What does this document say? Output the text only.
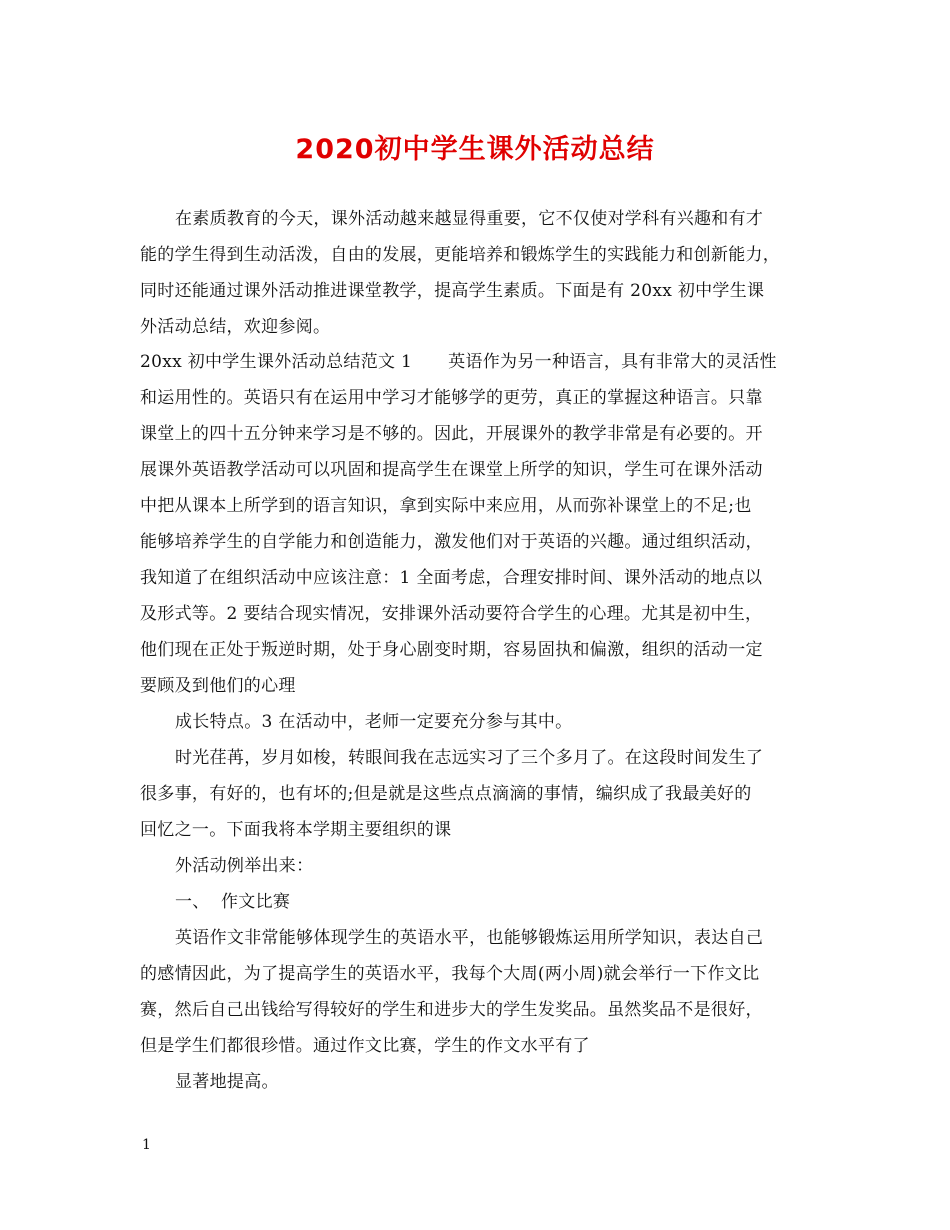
2020初中学生课外活动总结
在素质教育的今天，课外活动越来越显得重要，它不仅使对学科有兴趣和有才
能的学生得到生动活泼，自由的发展，更能培养和锻炼学生的实践能力和创新能力，
同时还能通过课外活动推进课堂教学，提高学生素质。下面是有 20xx 初中学生课
外活动总结，欢迎参阅。
20xx 初中学生课外活动总结范文 1 英语作为另一种语言，具有非常大的灵活性
和运用性的。英语只有在运用中学习才能够学的更劳，真正的掌握这种语言。只靠
课堂上的四十五分钟来学习是不够的。因此，开展课外的教学非常是有必要的。开
展课外英语教学活动可以巩固和提高学生在课堂上所学的知识，学生可在课外活动
中把从课本上所学到的语言知识，拿到实际中来应用，从而弥补课堂上的不足;也
能够培养学生的自学能力和创造能力，激发他们对于英语的兴趣。通过组织活动，
我知道了在组织活动中应该注意：1 全面考虑，合理安排时间、课外活动的地点以
及形式等。2 要结合现实情况，安排课外活动要符合学生的心理。尤其是初中生，
他们现在正处于叛逆时期，处于身心剧变时期，容易固执和偏激，组织的活动一定
要顾及到他们的心理
成长特点。3 在活动中，老师一定要充分参与其中。
时光荏苒，岁月如梭，转眼间我在志远实习了三个多月了。在这段时间发生了
很多事，有好的，也有坏的;但是就是这些点点滴滴的事情，编织成了我最美好的
回忆之一。下面我将本学期主要组织的课
外活动例举出来：
一、  作文比赛
英语作文非常能够体现学生的英语水平，也能够锻炼运用所学知识，表达自己
的感情因此，为了提高学生的英语水平，我每个大周(两小周)就会举行一下作文比
赛，然后自己出钱给写得较好的学生和进步大的学生发奖品。虽然奖品不是很好，
但是学生们都很珍惜。通过作文比赛，学生的作文水平有了
显著地提高。
1
